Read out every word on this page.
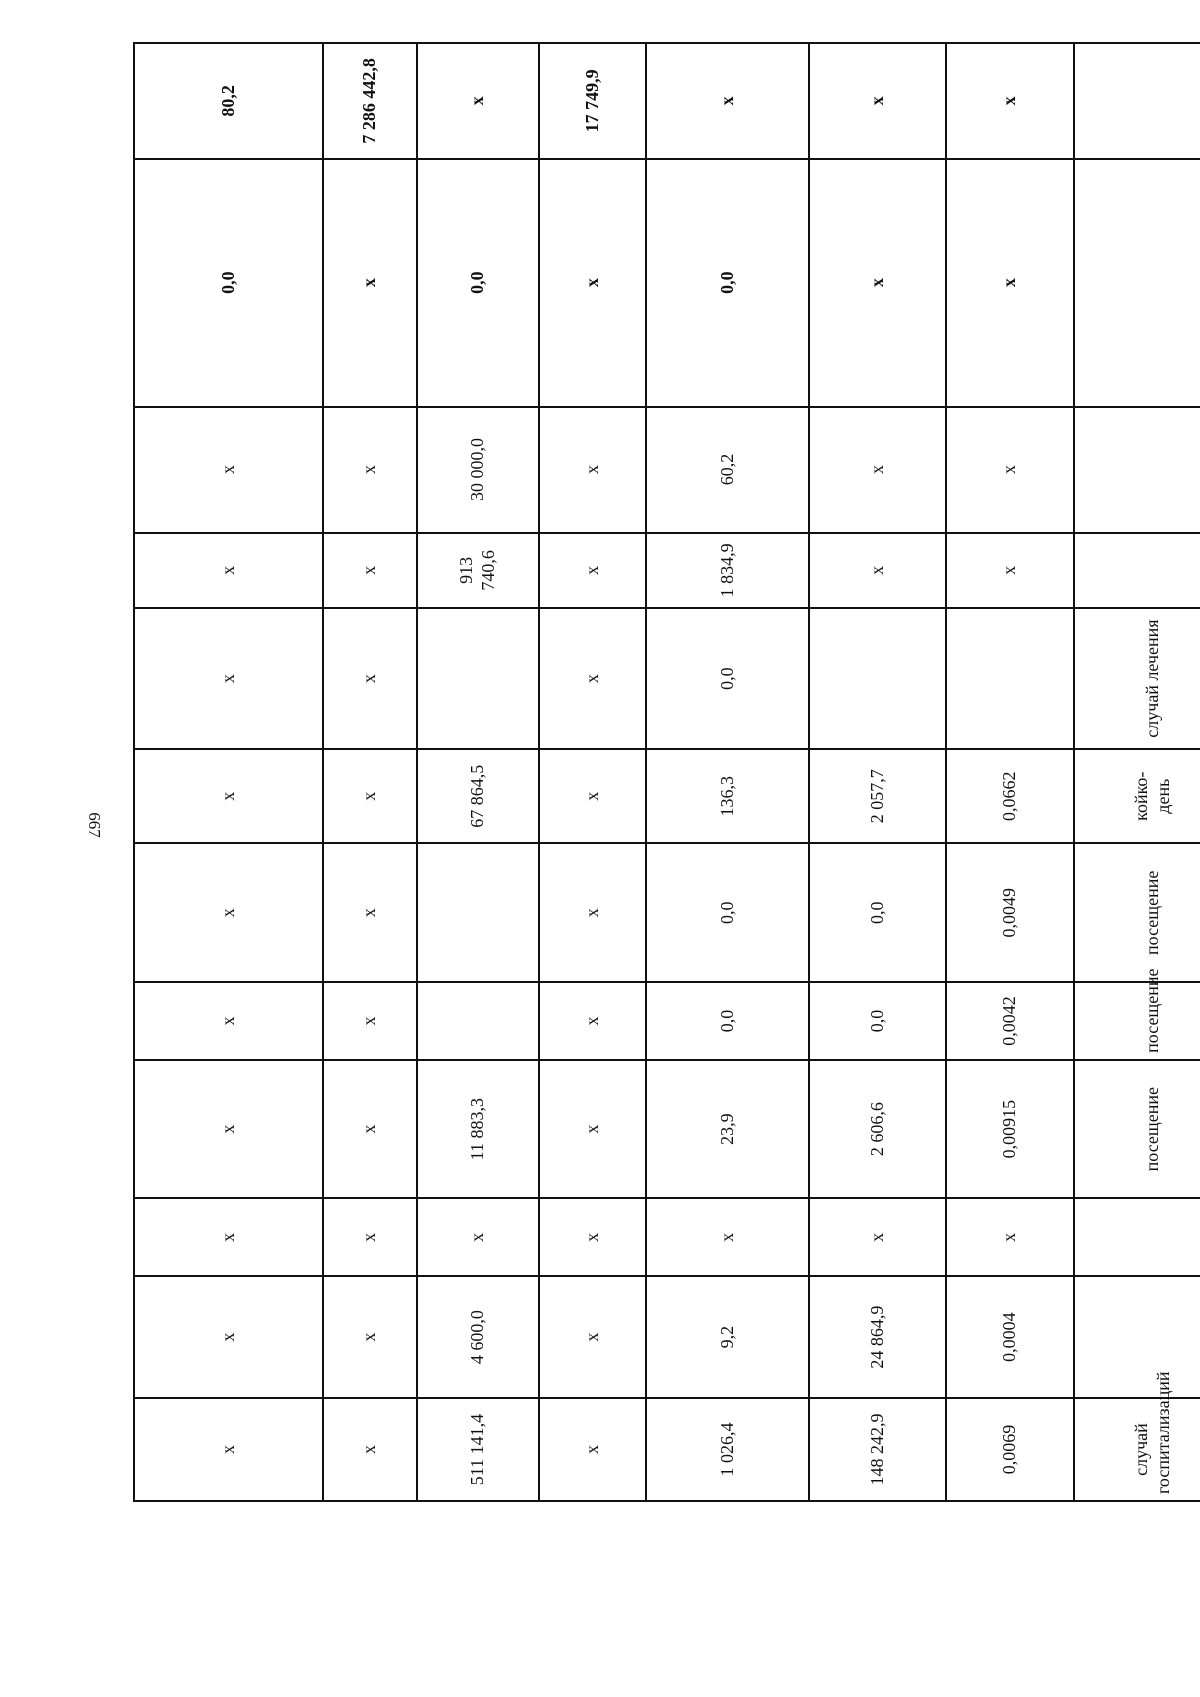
667
х	х	х	х	х	х	х	х	х	х	0,0	80,2
х	х	х	х	х	х	х	х	х	х	х	7 286 442,8
511 141,4	4 600,0	х	11 883,3			67 864,5		913 740,6	30 000,0	0,0	х
х	х	х	х	х	х	х	х	х	х	х	17 749,9
1 026,4	9,2	х	23,9	0,0	0,0	136,3	0,0	1 834,9	60,2	0,0	х
148 242,9	24 864,9	х	2 606,6	0,0	0,0	2 057,7		х	х	х	х
0,0069	0,0004	х	0,00915	0,0042	0,0049	0,0662		х	х	х	х
случай госпитализаций			посещение	посещение	посещение	койко-день	случай лечения				
